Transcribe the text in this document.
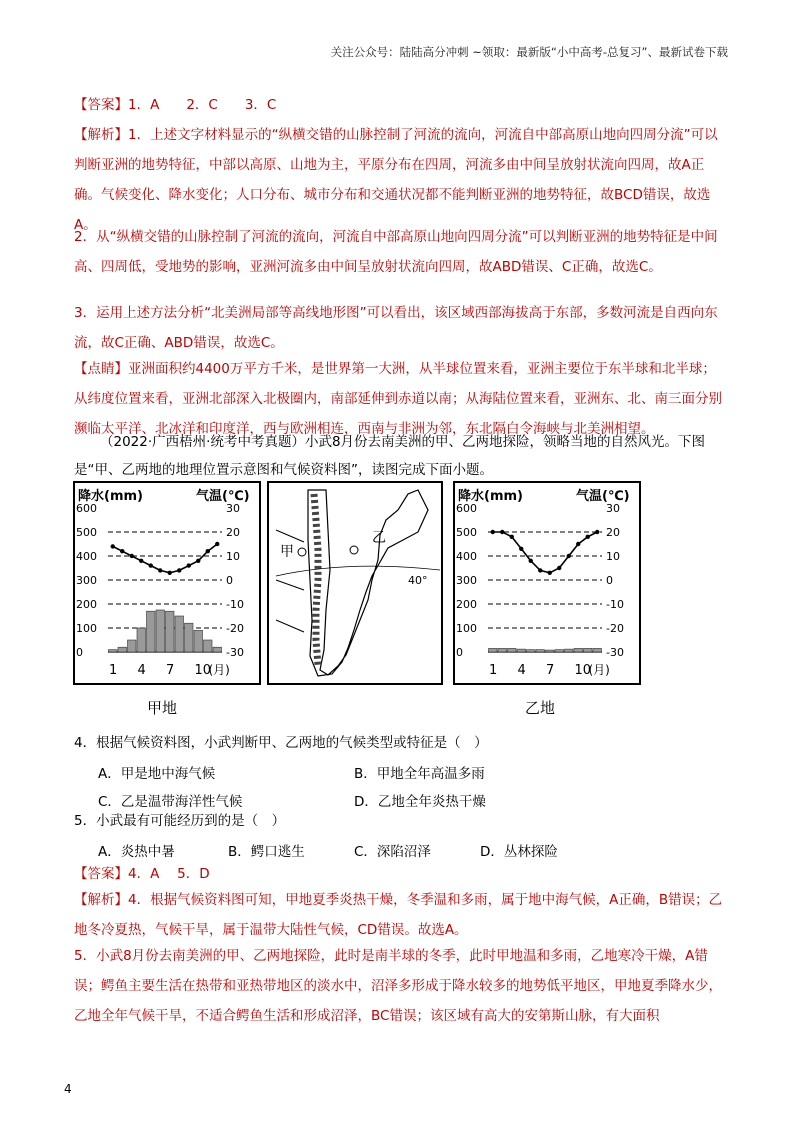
关注公众号：陆陆高分冲刺 ~领取：最新版“小中高考-总复习”、最新试卷下载
【答案】1．A　　2．C　　3．C
【解析】1．上述文字材料显示的“纵横交错的山脉控制了河流的流向，河流自中部高原山地向四周分流”可以判断亚洲的地势特征，中部以高原、山地为主，平原分布在四周，河流多由中间呈放射状流向四周，故A正确。气候变化、降水变化；人口分布、城市分布和交通状况都不能判断亚洲的地势特征，故BCD错误，故选A。
2．从“纵横交错的山脉控制了河流的流向，河流自中部高原山地向四周分流”可以判断亚洲的地势特征是中间高、四周低，受地势的影响，亚洲河流多由中间呈放射状流向四周，故ABD错误、C正确，故选C。
3．运用上述方法分析“北美洲局部等高线地形图”可以看出，该区域西部海拔高于东部，多数河流是自西向东流，故C正确、ABD错误，故选C。
【点睛】亚洲面积约4400万平方千米，是世界第一大洲，从半球位置来看，亚洲主要位于东半球和北半球；从纬度位置来看，亚洲北部深入北极圈内，南部延伸到赤道以南；从海陆位置来看，亚洲东、北、南三面分别濒临太平洋、北冰洋和印度洋，西与欧洲相连，西南与非洲为邻，东北隔白令海峡与北美洲相望。
（2022·广西梧州·统考中考真题）小武8月份去南美洲的甲、乙两地探险，领略当地的自然风光。下图是“甲、乙两地的地理位置示意图和气候资料图”，读图完成下面小题。
降水(mm)	气温(℃)
600	30
500	20
400	10
300	0
200	-10
100	-20
0	-30
1 4 7 10
(月)
甲
乙
40°
降水(mm)	气温(℃)
600	30
500	20
400	10
300	0
200	-10
100	-20
0	-30
1 4 7 10
(月)
甲地	乙地
4．根据气候资料图，小武判断甲、乙两地的气候类型或特征是（　）
A．甲是地中海气候	B．甲地全年高温多雨
C．乙是温带海洋性气候	D．乙地全年炎热干燥
5．小武最有可能经历到的是（　）
A．炎热中暑	B．鳄口逃生	C．深陷沼泽	D．丛林探险
【答案】4．A　 5．D
【解析】4．根据气候资料图可知，甲地夏季炎热干燥，冬季温和多雨，属于地中海气候，A正确，B错误；乙地冬冷夏热，气候干旱，属于温带大陆性气候，CD错误。故选A。
5．小武8月份去南美洲的甲、乙两地探险，此时是南半球的冬季，此时甲地温和多雨，乙地寒冷干燥，A错误；鳄鱼主要生活在热带和亚热带地区的淡水中，沼泽多形成于降水较多的地势低平地区，甲地夏季降水少，乙地全年气候干旱，不适合鳄鱼生活和形成沼泽，BC错误；该区域有高大的安第斯山脉，有大面积
4
